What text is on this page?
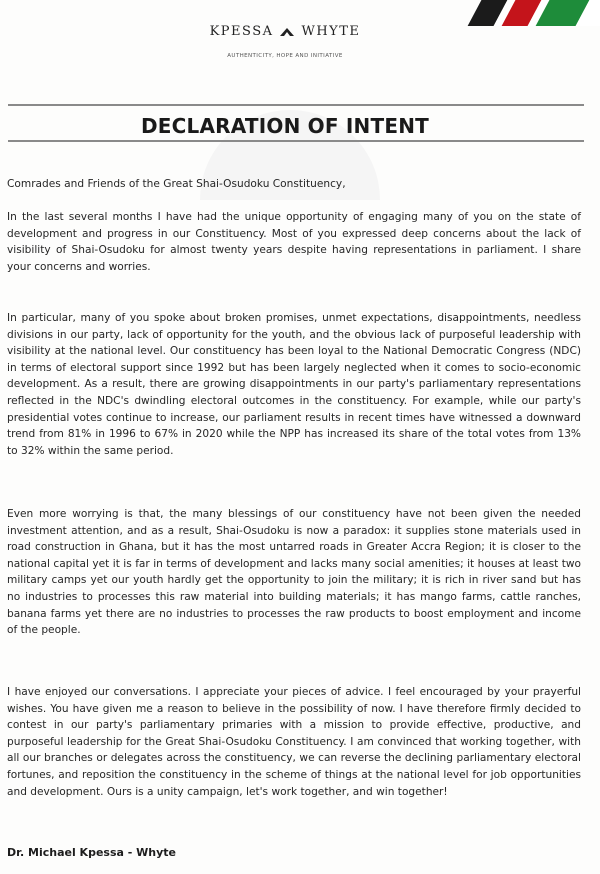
KPESSA WHYTE
AUTHENTICITY, HOPE AND INITIATIVE
DECLARATION OF INTENT
Comrades and Friends of the Great Shai-Osudoku Constituency,
In the last several months I have had the unique opportunity of engaging many of you on the state of development and progress in our Constituency. Most of you expressed deep concerns about the lack of visibility of Shai-Osudoku for almost twenty years despite having representations in parliament. I share your concerns and worries.
In particular, many of you spoke about broken promises, unmet expectations, disappointments, needless divisions in our party, lack of opportunity for the youth, and the obvious lack of purposeful leadership with visibility at the national level. Our constituency has been loyal to the National Democratic Congress (NDC) in terms of electoral support since 1992 but has been largely neglected when it comes to socio-economic development. As a result, there are growing disappointments in our party's parliamentary representations reflected in the NDC's dwindling electoral outcomes in the constituency. For example, while our party's presidential votes continue to increase, our parliament results in recent times have witnessed a downward trend from 81% in 1996 to 67% in 2020 while the NPP has increased its share of the total votes from 13% to 32% within the same period.
Even more worrying is that, the many blessings of our constituency have not been given the needed investment attention, and as a result, Shai-Osudoku is now a paradox: it supplies stone materials used in road construction in Ghana, but it has the most untarred roads in Greater Accra Region; it is closer to the national capital yet it is far in terms of development and lacks many social amenities; it houses at least two military camps yet our youth hardly get the opportunity to join the military; it is rich in river sand but has no industries to processes this raw material into building materials; it has mango farms, cattle ranches, banana farms yet there are no industries to processes the raw products to boost employment and income of the people.
I have enjoyed our conversations. I appreciate your pieces of advice. I feel encouraged by your prayerful wishes. You have given me a reason to believe in the possibility of now. I have therefore firmly decided to contest in our party's parliamentary primaries with a mission to provide effective, productive, and purposeful leadership for the Great Shai-Osudoku Constituency. I am convinced that working together, with all our branches or delegates across the constituency, we can reverse the declining parliamentary electoral fortunes, and reposition the constituency in the scheme of things at the national level for job opportunities and development. Ours is a unity campaign, let's work together, and win together!
Dr. Michael Kpessa - Whyte
